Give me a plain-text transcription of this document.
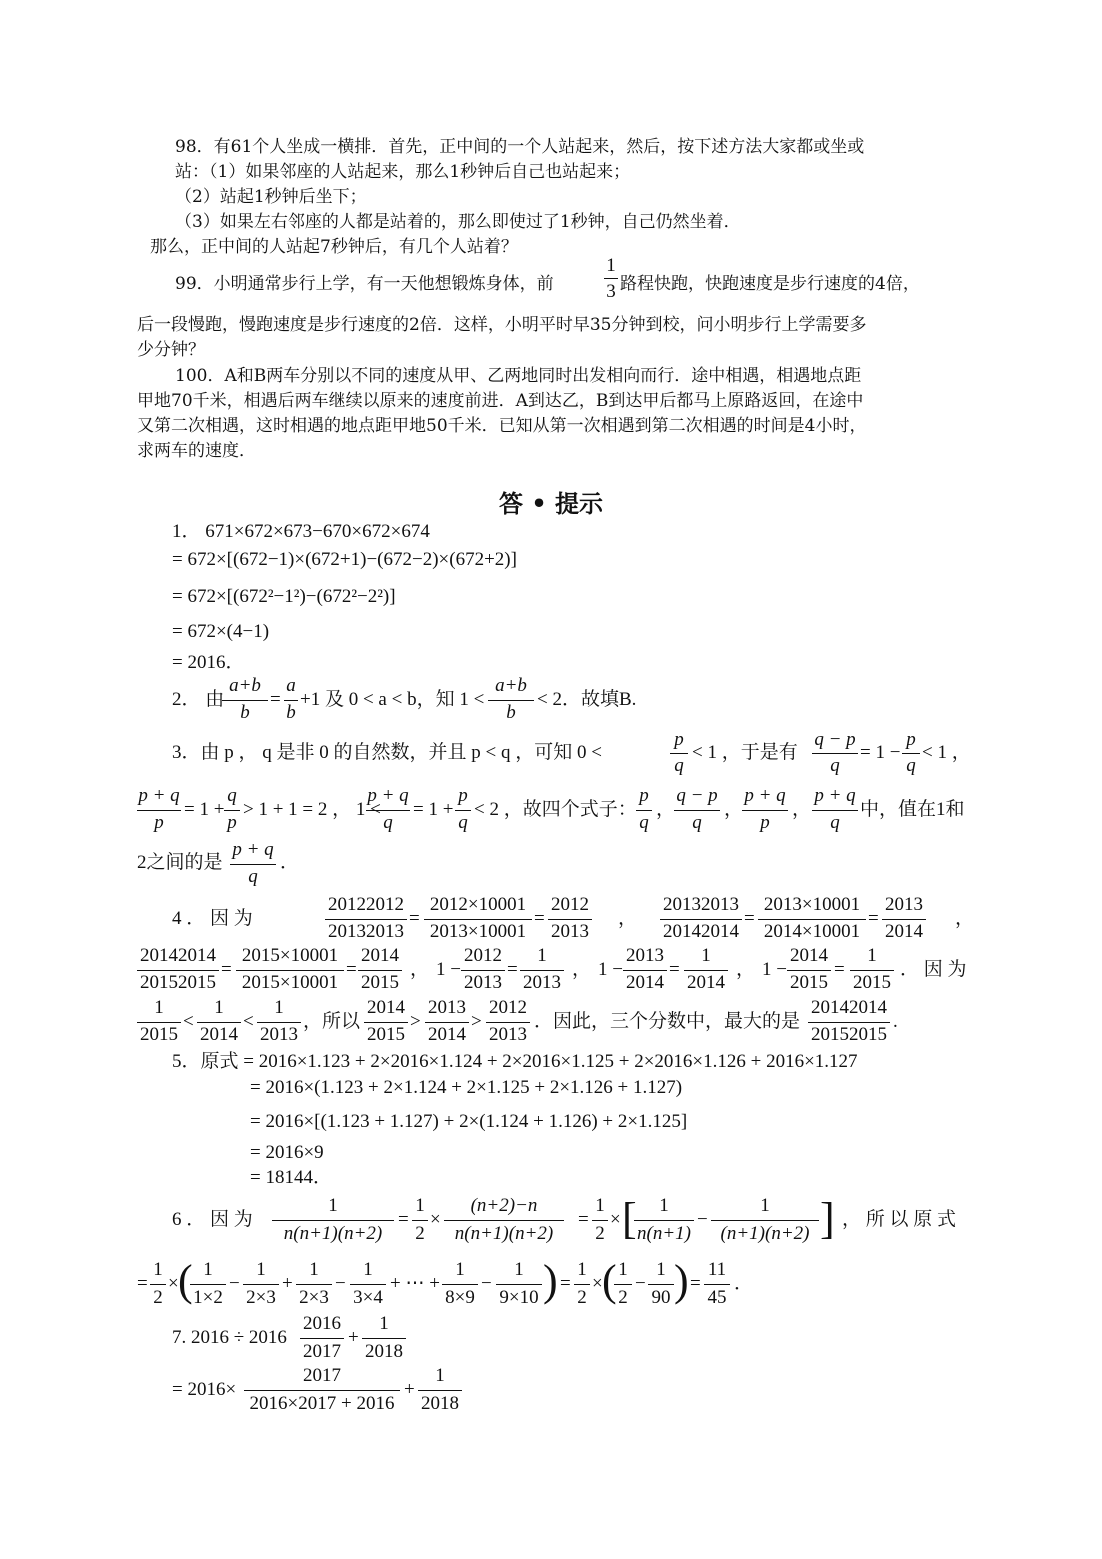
98．有61个人坐成一横排．首先，正中间的一个人站起来，然后，按下述方法大家都或坐或
站：（1）如果邻座的人站起来，那么1秒钟后自己也站起来；
（2）站起1秒钟后坐下；
（3）如果左右邻座的人都是站着的，那么即使过了1秒钟，自己仍然坐着．
那么，正中间的人站起7秒钟后，有几个人站着？
99．小明通常步行上学，有一天他想锻炼身体，前
1
3 路程快跑，快跑速度是步行速度的4倍，
后一段慢跑，慢跑速度是步行速度的2倍．这样，小明平时早35分钟到校，问小明步行上学需要多
少分钟？
100．A和B两车分别以不同的速度从甲、乙两地同时出发相向而行．途中相遇，相遇地点距
甲地70千米，相遇后两车继续以原来的速度前进．A到达乙，B到达甲后都马上原路返回，在途中
又第二次相遇，这时相遇的地点距甲地50千米．已知从第一次相遇到第二次相遇的时间是4小时，
求两车的速度．
答 • 提示
1． 671×672×673−670×672×674
= 672×[(672−1)×(672+1)−(672−2)×(672+2)]
= 672×[(672²−1²)−(672²−2²)]
= 672×(4−1)
= 2016．
2． 由
a+b
b
=
a
b
+1 及 0 < a < b，知 1 <
a+b
b
< 2．故填B.
3．由 p ， q 是非 0 的自然数，并且 p < q ，可知 0 <
p
q
< 1 ，于是有
q − p
q
= 1 −
p
q
< 1 ，
p + q
p
= 1 +
q
p
> 1 + 1 = 2 ， 1 <
p + q
q
= 1 +
p
q
< 2 ，故四个式子：
p
q
，
q − p
q
，
p + q
p
，
p + q
q
中，值在1和
2之间的是
p + q
q
．
4 ． 因 为
20122012
20132013
=
2012×10001
2013×10001
=
2012
2013
，
20132013
20142014
=
2013×10001
2014×10001
=
2013
2014
，
20142014
20152015
=
2015×10001
2015×10001
=
2014
2015
， 1 −
2012
2013
=
1
2013
， 1 −
2013
2014
=
1
2014
， 1 −
2014
2015
=
1
2015
． 因 为
1
2015
<
1
2014
<
1
2013
，所以
2014
2015
>
2013
2014
>
2012
2013
．因此，三个分数中，最大的是
20142014
20152015
.
5．原式 = 2016×1.123 + 2×2016×1.124 + 2×2016×1.125 + 2×2016×1.126 + 2016×1.127
= 2016×(1.123 + 2×1.124 + 2×1.125 + 2×1.126 + 1.127)
= 2016×[(1.123 + 1.127) + 2×(1.124 + 1.126) + 2×1.125]
= 2016×9
= 18144．
6 ． 因 为
1
n(n+1)(n+2)
=
1
2
×
(n+2)−n
n(n+1)(n+2)
=
1
2
× [	1
n(n+1)
−
1
(n+1)(n+2) ] ， 所 以 原 式
=
1
2
× ( 1
1×2
−
1
2×3
+
1
2×3
−
1
3×4
+ ⋯ +
1
8×9
−
1
9×10 ) =
1
2
× ( 1
2
−
1
90 ) =
11
45
．
7. 2016 ÷ 2016
2016
2017
+
1
2018
= 2016×
2017
2016×2017 + 2016
+
1
2018
